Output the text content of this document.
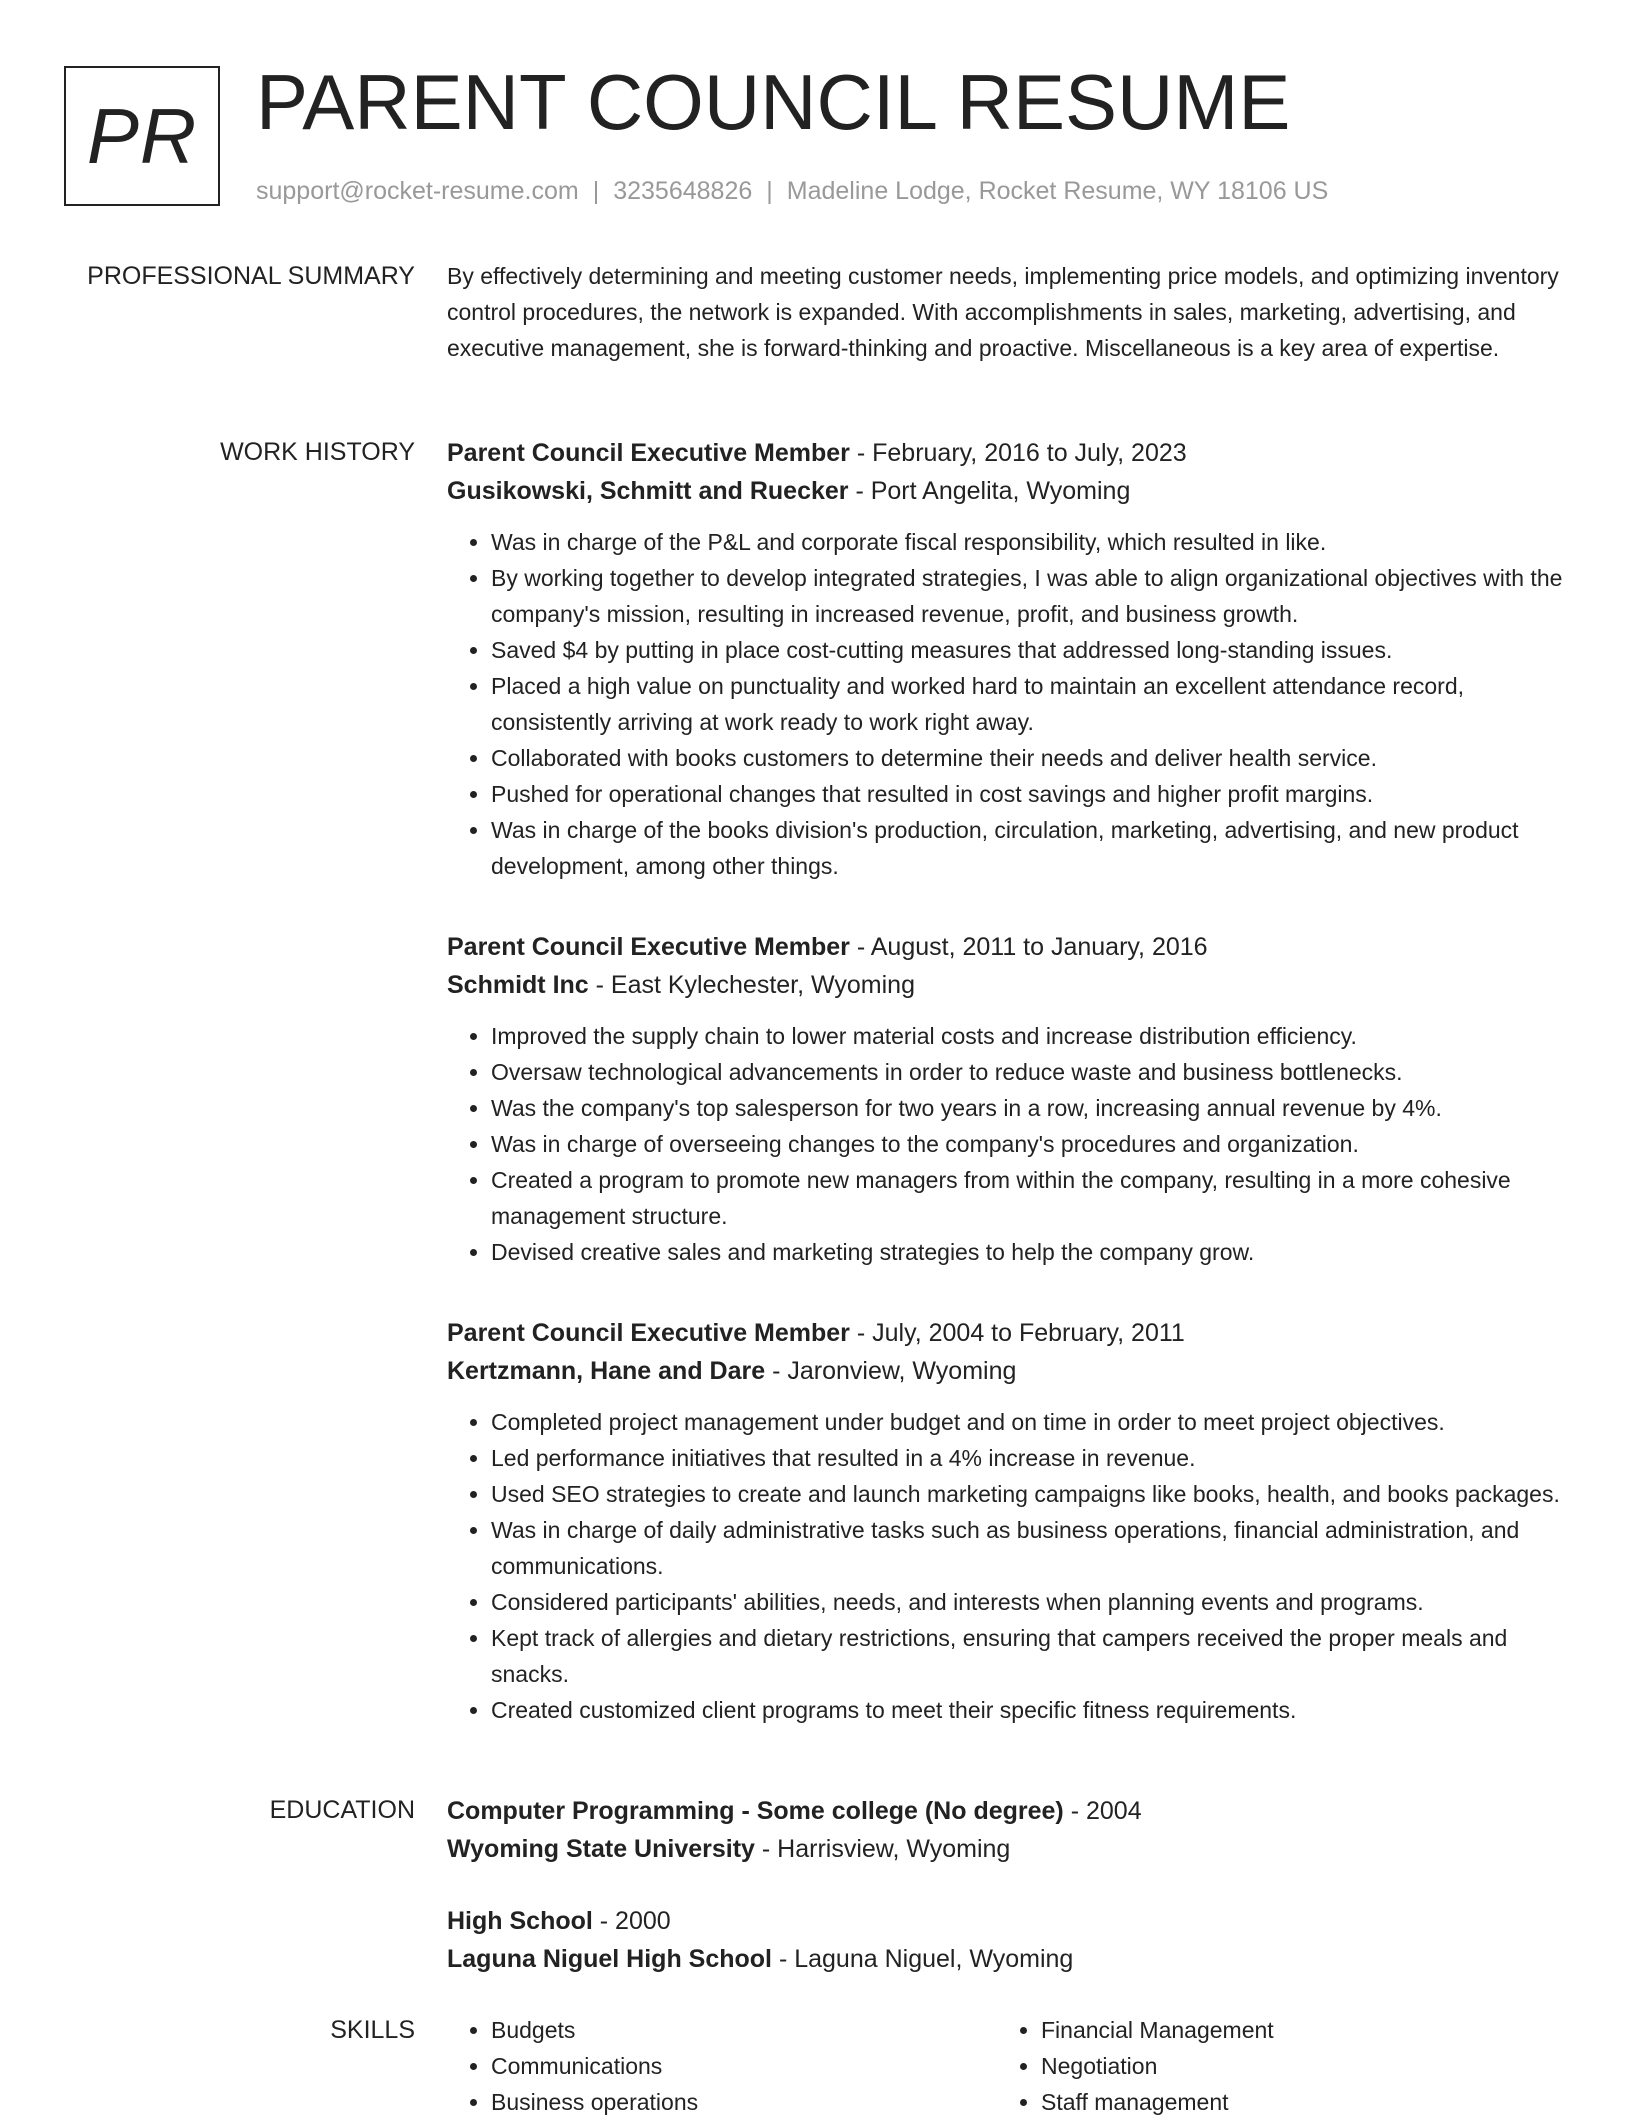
PR PARENT COUNCIL RESUME
support@rocket-resume.com | 3235648826 | Madeline Lodge, Rocket Resume, WY 18106 US
PROFESSIONAL SUMMARY By effectively determining and meeting customer needs, implementing price models, and optimizing inventory control procedures, the network is expanded. With accomplishments in sales, marketing, advertising, and executive management, she is forward-thinking and proactive. Miscellaneous is a key area of expertise.

WORK HISTORY Parent Council Executive Member - February, 2016 to July, 2023

Gusikowski, Schmitt and Ruecker - Port Angelita, Wyoming

• Was in charge of the P&L and corporate fiscal responsibility, which resulted in like.
• By working together to develop integrated strategies, I was able to align organizational objectives with the company's mission, resulting in increased revenue, profit, and business growth.
• Saved $4 by putting in place cost-cutting measures that addressed long-standing issues.
• Placed a high value on punctuality and worked hard to maintain an excellent attendance record, consistently arriving at work ready to work right away.
• Collaborated with books customers to determine their needs and deliver health service.
• Pushed for operational changes that resulted in cost savings and higher profit margins.
• Was in charge of the books division's production, circulation, marketing, advertising, and new product development, among other things.

Parent Council Executive Member - August, 2011 to January, 2016

Schmidt Inc - East Kylechester, Wyoming

• Improved the supply chain to lower material costs and increase distribution efficiency.
• Oversaw technological advancements in order to reduce waste and business bottlenecks.
• Was the company's top salesperson for two years in a row, increasing annual revenue by 4%.
• Was in charge of overseeing changes to the company's procedures and organization.
• Created a program to promote new managers from within the company, resulting in a more cohesive management structure.
• Devised creative sales and marketing strategies to help the company grow.

Parent Council Executive Member - July, 2004 to February, 2011

Kertzmann, Hane and Dare - Jaronview, Wyoming

• Completed project management under budget and on time in order to meet project objectives.
• Led performance initiatives that resulted in a 4% increase in revenue.
• Used SEO strategies to create and launch marketing campaigns like books, health, and books packages.
• Was in charge of daily administrative tasks such as business operations, financial administration, and communications.
• Considered participants' abilities, needs, and interests when planning events and programs.
• Kept track of allergies and dietary restrictions, ensuring that campers received the proper meals and snacks.
• Created customized client programs to meet their specific fitness requirements.
EDUCATION Computer Programming - Some college (No degree) - 2004

Wyoming State University - Harrisview, Wyoming

High School - 2000

Laguna Niguel High School - Laguna Niguel, Wyoming

SKILLS
•	Budgets
• Communications
• Business operations
• Financial Management
• Negotiation
• Staff management
